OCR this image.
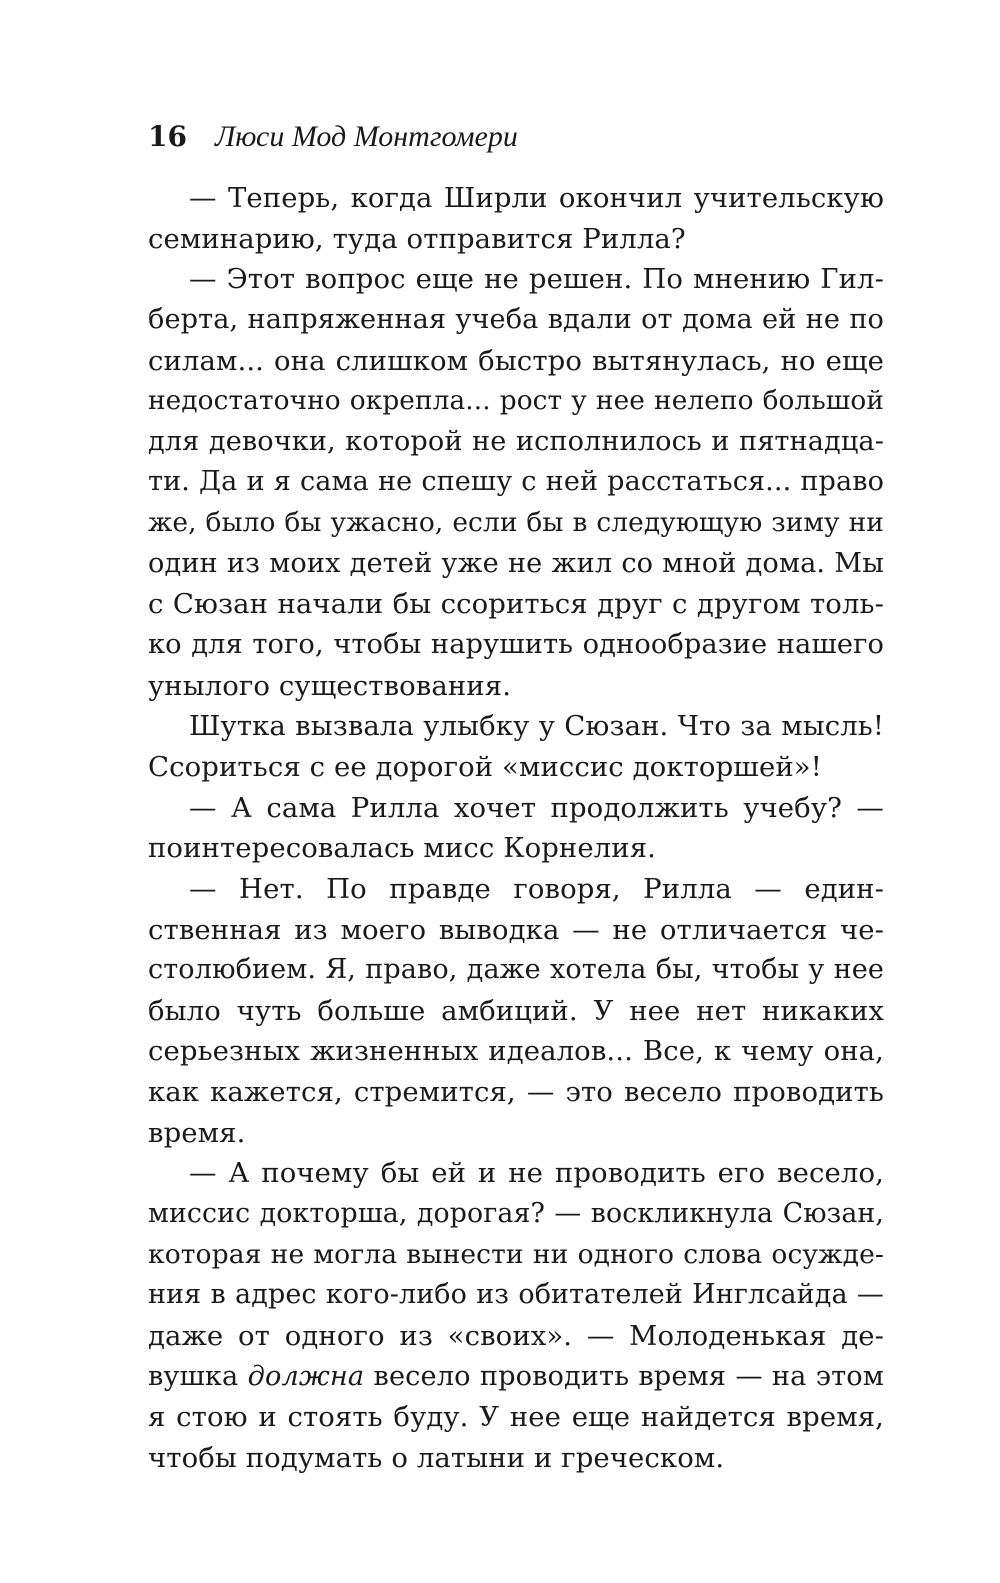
16 Люси Мод Монтгомери
— Теперь, когда Ширли окончил учительскую
семинарию, туда отправится Рилла?
— Этот вопрос еще не решен. По мнению Гил-
берта, напряженная учеба вдали от дома ей не по
силам... она слишком быстро вытянулась, но еще
недостаточно окрепла... рост у нее нелепо большой
для девочки, которой не исполнилось и пятнадца-
ти. Да и я сама не спешу с ней расстаться... право
же, было бы ужасно, если бы в следующую зиму ни
один из моих детей уже не жил со мной дома. Мы
с Сюзан начали бы ссориться друг с другом толь-
ко для того, чтобы нарушить однообразие нашего
унылого существования.
Шутка вызвала улыбку у Сюзан. Что за мысль!
Ссориться с ее дорогой «миссис докторшей»!
— А сама Рилла хочет продолжить учебу? —
поинтересовалась мисс Корнелия.
— Нет. По правде говоря, Рилла — един-
ственная из моего выводка — не отличается че-
столюбием. Я, право, даже хотела бы, чтобы у нее
было чуть больше амбиций. У нее нет никаких
серьезных жизненных идеалов... Все, к чему она,
как кажется, стремится, — это весело проводить
время.
— А почему бы ей и не проводить его весело,
миссис докторша, дорогая? — воскликнула Сюзан,
которая не могла вынести ни одного слова осужде-
ния в адрес кого-либо из обитателей Инглсайда —
даже от одного из «своих». — Молоденькая де-
вушка должна весело проводить время — на этом
я стою и стоять буду. У нее еще найдется время,
чтобы подумать о латыни и греческом.
